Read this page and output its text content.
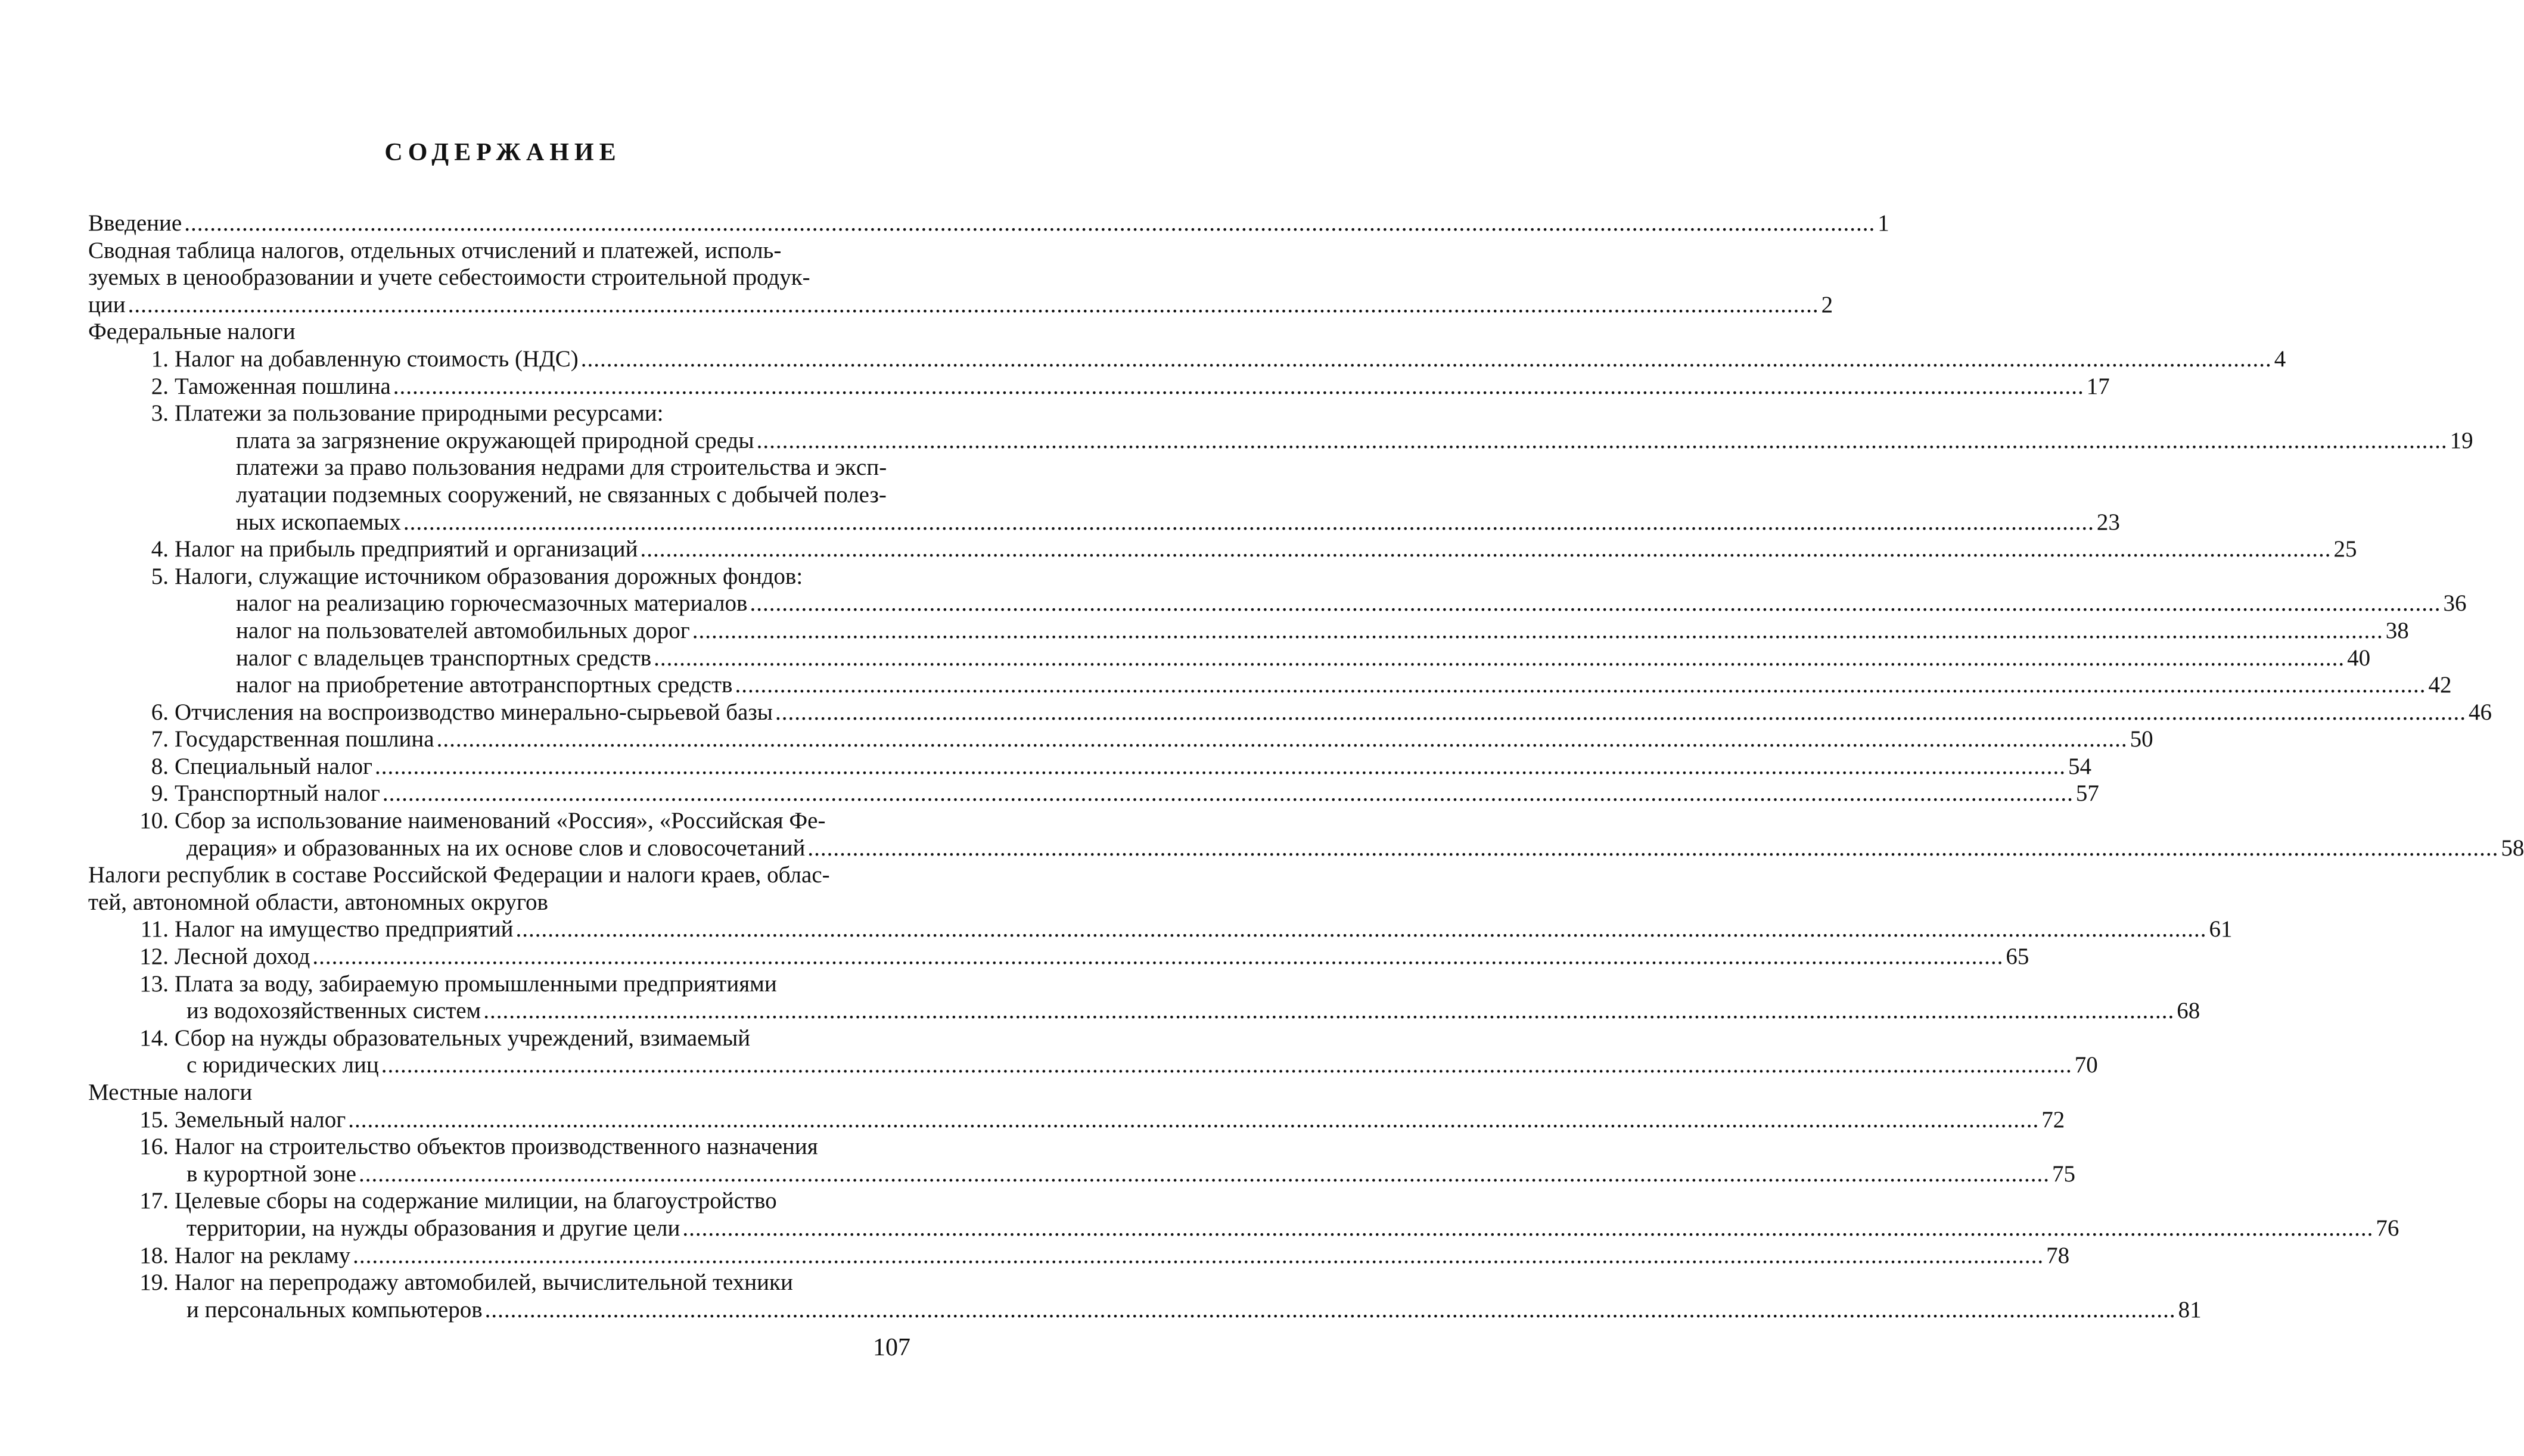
СОДЕРЖАНИЕ
Введение .....	1
Сводная таблица налогов, отдельных отчислений и платежей, исполь-
зуемых в ценообразовании и учете себестоимости строительной продук-
ции .....	2
Федеральные налоги
1. Налог на добавленную стоимость (НДС) .....	4
2. Таможенная пошлина .....	17
3. Платежи за пользование природными ресурсами:
плата за загрязнение окружающей природной среды .....	19
платежи за право пользования недрами для строительства и экcп-
луатации подземных сооружений, не связанных с добычей полез-
ных ископаемых .....	23
4. Налог на прибыль предприятий и организаций .....	25
5. Налоги, служащие источником образования дорожных фондов:
налог на реализацию горючесмазочных материалов .....	36
налог на пользователей автомобильных дорог .....	38
налог с владельцев транспортных средств .....	40
налог на приобретение автотранспортных средств .....	42
6. Отчисления на воспроизводство минерально-сырьевой базы .....	46
7. Государственная пошлина .....	50
8. Специальный налог .....	54
9. Транспортный налог .....	57
10. Сбор за использование наименований «Россия», «Российская Фе-
дерация» и образованных на их основе слов и словосочетаний .....	58
Налоги республик в составе Российской Федерации и налоги краев, облас-
тей, автономной области, автономных округов
11. Налог на имущество предприятий .....	61
12. Лесной доход .....	65
13. Плата за воду, забираемую промышленными предприятиями
из водохозяйственных систем .....	68
14. Сбор на нужды образовательных учреждений, взимаемый
с юридических лиц .....	70
Местные налоги
15. Земельный налог .....	72
16. Налог на строительство объектов производственного назначения
в курортной зоне .....	75
17. Целевые сборы на содержание милиции, на благоустройство
территории, на нужды образования и другие цели .....	76
18. Налог на рекламу .....	78
19. Налог на перепродажу автомобилей, вычислительной техники
и персональных компьютеров .....	81
107
